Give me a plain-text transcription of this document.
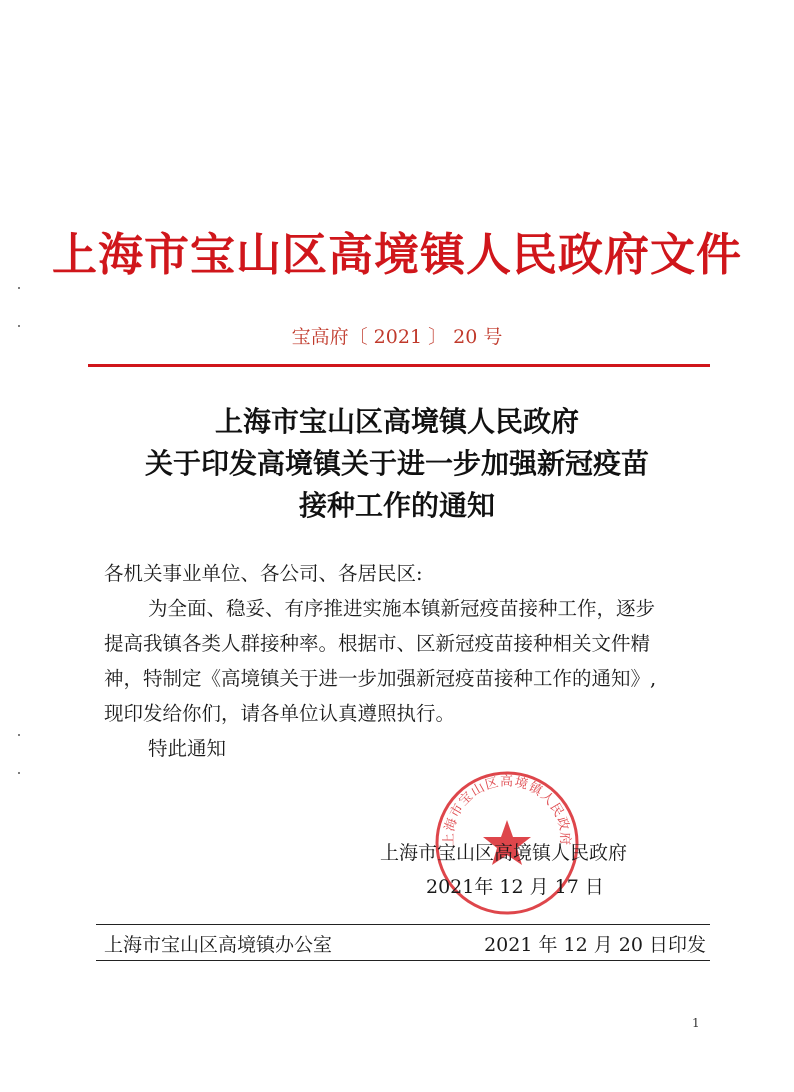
上海市宝山区高境镇人民政府文件
宝高府〔 2021 〕 20 号
上海市宝山区高境镇人民政府
关于印发高境镇关于进一步加强新冠疫苗
接种工作的通知
各机关事业单位、各公司、各居民区:
为全面、稳妥、有序推进实施本镇新冠疫苗接种工作，逐步
提高我镇各类人群接种率。根据市、区新冠疫苗接种相关文件精
神，特制定《高境镇关于进一步加强新冠疫苗接种工作的通知》,
现印发给你们，请各单位认真遵照执行。
特此通知
上海市宝山区高境镇人民政府
上海市宝山区高境镇人民政府
2021年 12 月 17 日
上海市宝山区高境镇办公室	2021 年 12 月 20 日印发
1
